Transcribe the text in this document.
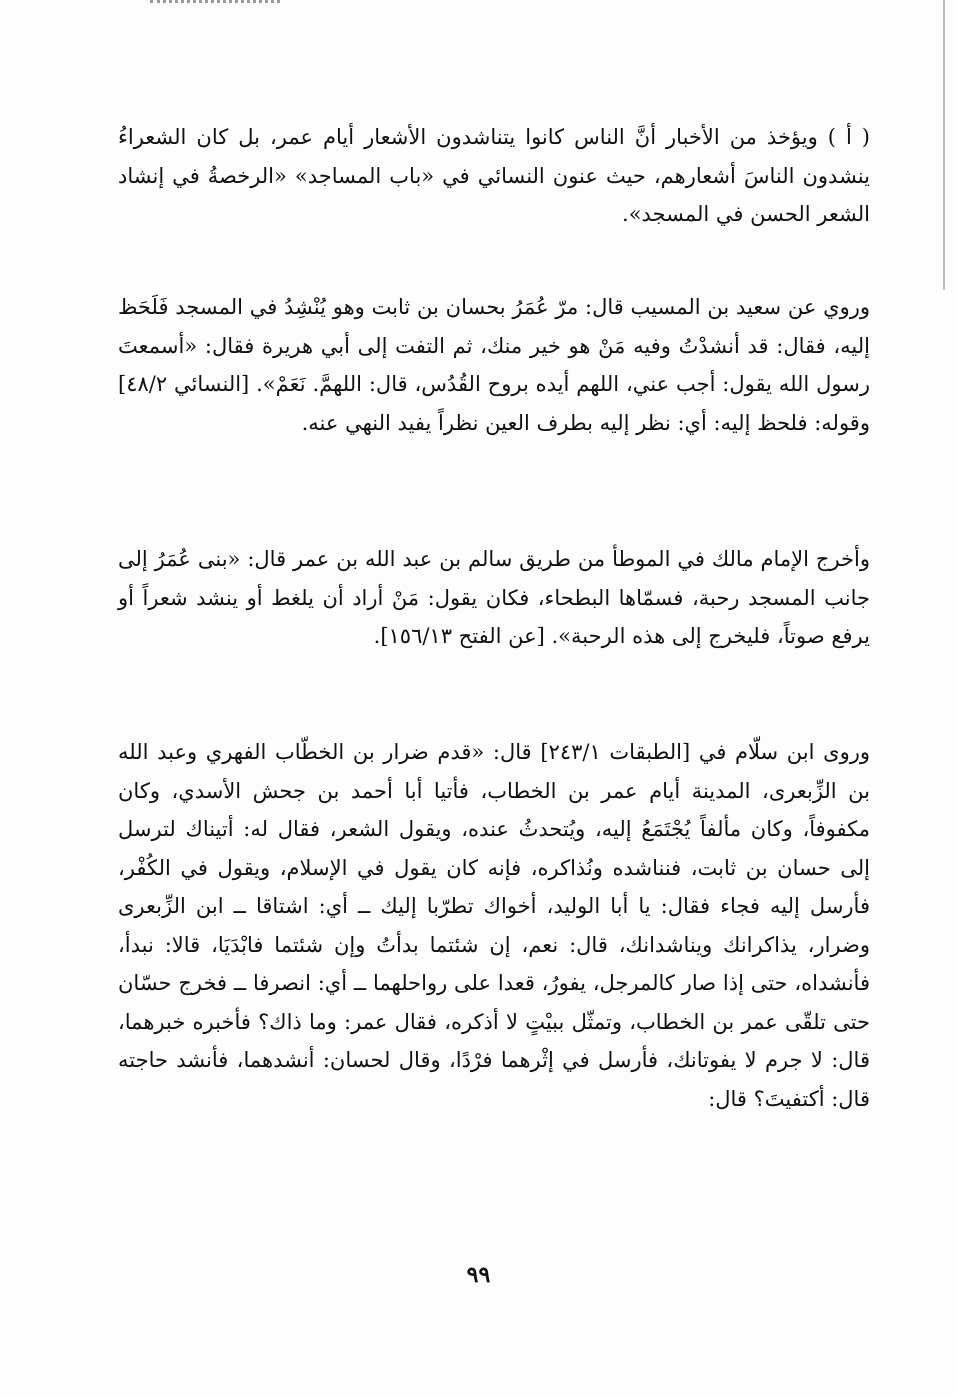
( أ ) ويؤخذ من الأخبار أنَّ الناس كانوا يتناشدون الأشعار أيام عمر، بل كان الشعراءُ ينشدون الناسَ أشعارهم، حيث عنون النسائي في «باب المساجد» «الرخصةُ في إنشاد الشعر الحسن في المسجد».

وروي عن سعيد بن المسيب قال: مرّ عُمَرُ بحسان بن ثابت وهو يُنْشِدُ في المسجد فَلَحَظ إليه، فقال: قد أنشدْتُ وفيه مَنْ هو خير منك، ثم التفت إلى أبي هريرة فقال: «أسمعتَ رسول الله يقول: أجب عني، اللهم أيده بروح القُدُس، قال: اللهمَّ. نَعَمْ». [النسائي ٤٨/٢] وقوله: فلحظ إليه: أي: نظر إليه بطرف العين نظراً يفيد النهي عنه.

وأخرج الإمام مالك في الموطأ من طريق سالم بن عبد الله بن عمر قال: «بنى عُمَرُ إلى جانب المسجد رحبة، فسمّاها البطحاء، فكان يقول: مَنْ أراد أن يلغط أو ينشد شعراً أو يرفع صوتاً، فليخرج إلى هذه الرحبة». [عن الفتح ١٥٦/١٣].

وروى ابن سلّام في [الطبقات ٢٤٣/١] قال: «قدم ضرار بن الخطّاب الفهري وعبد الله بن الزِّبعرى، المدينة أيام عمر بن الخطاب، فأتيا أبا أحمد بن جحش الأسدي، وكان مكفوفاً، وكان مألفاً يُجْتَمَعُ إليه، ويُتحدثُ عنده، ويقول الشعر، فقال له: أتيناك لترسل إلى حسان بن ثابت، فنناشده ونُذاكره، فإنه كان يقول في الإسلام، ويقول في الكُفْر، فأرسل إليه فجاء فقال: يا أبا الوليد، أخواك تطرّبا إليك ــ أي: اشتاقا ــ ابن الزِّبعرى وضرار، يذاكرانك ويناشدانك، قال: نعم، إن شئتما بدأتُ وإن شئتما فابْدَيَا، قالا: نبدأ، فأنشداه، حتى إذا صار كالمرجل، يفورُ، قعدا على رواحلهما ــ أي: انصرفا ــ فخرج حسّان حتى تلقّى عمر بن الخطاب، وتمثّل ببيْتٍ لا أذكره، فقال عمر: وما ذاك؟ فأخبره خبرهما، قال: لا جرم لا يفوتانك، فأرسل في إثْرهما فرْدًا، وقال لحسان: أنشدهما، فأنشد حاجته قال: أكتفيتَ؟ قال:

٩٩
